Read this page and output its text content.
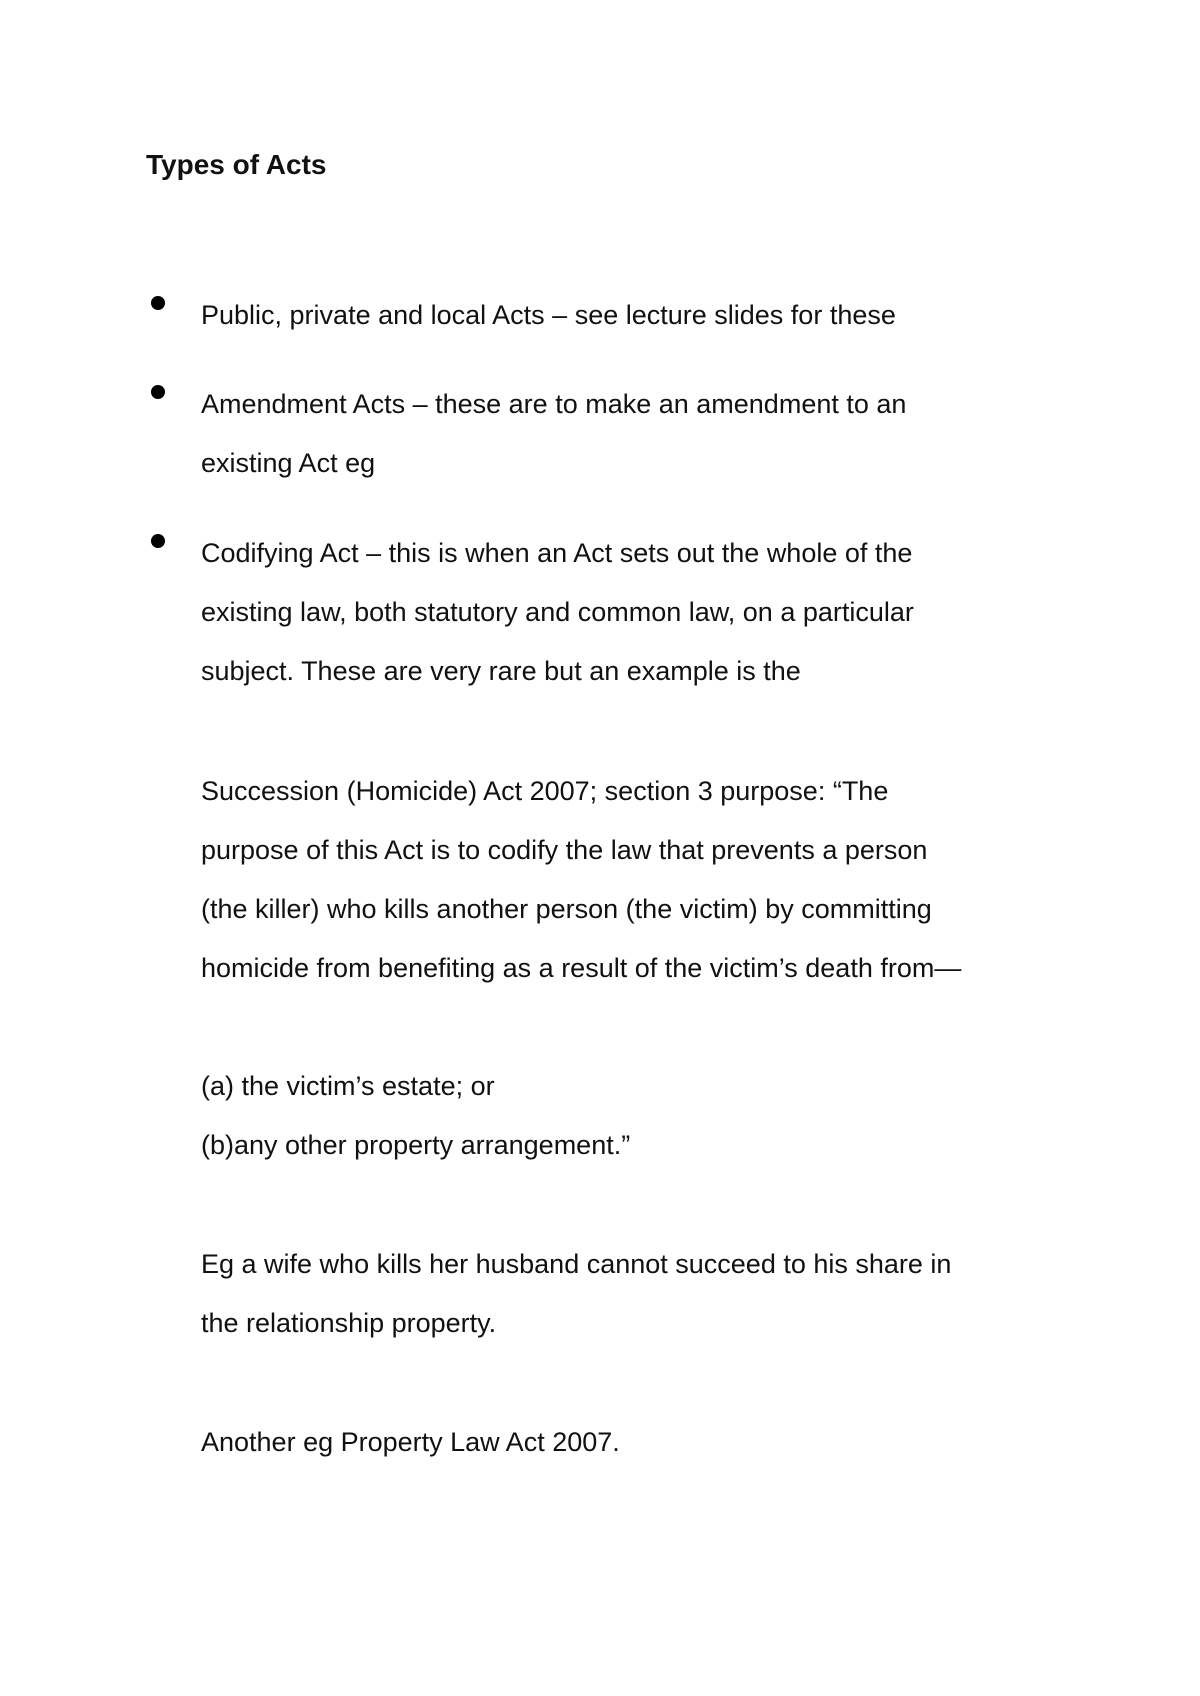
Types of Acts

Public, private and local Acts – see lecture slides for these

Amendment Acts – these are to make an amendment to an
existing Act eg

Codifying Act – this is when an Act sets out the whole of the
existing law, both statutory and common law, on a particular
subject. These are very rare but an example is the

Succession (Homicide) Act 2007; section 3 purpose: “The
purpose of this Act is to codify the law that prevents a person
(the killer) who kills another person (the victim) by committing
homicide from benefiting as a result of the victim’s death from—

(a) the victim’s estate; or
(b)any other property arrangement.”

Eg a wife who kills her husband cannot succeed to his share in
the relationship property.

Another eg Property Law Act 2007.
